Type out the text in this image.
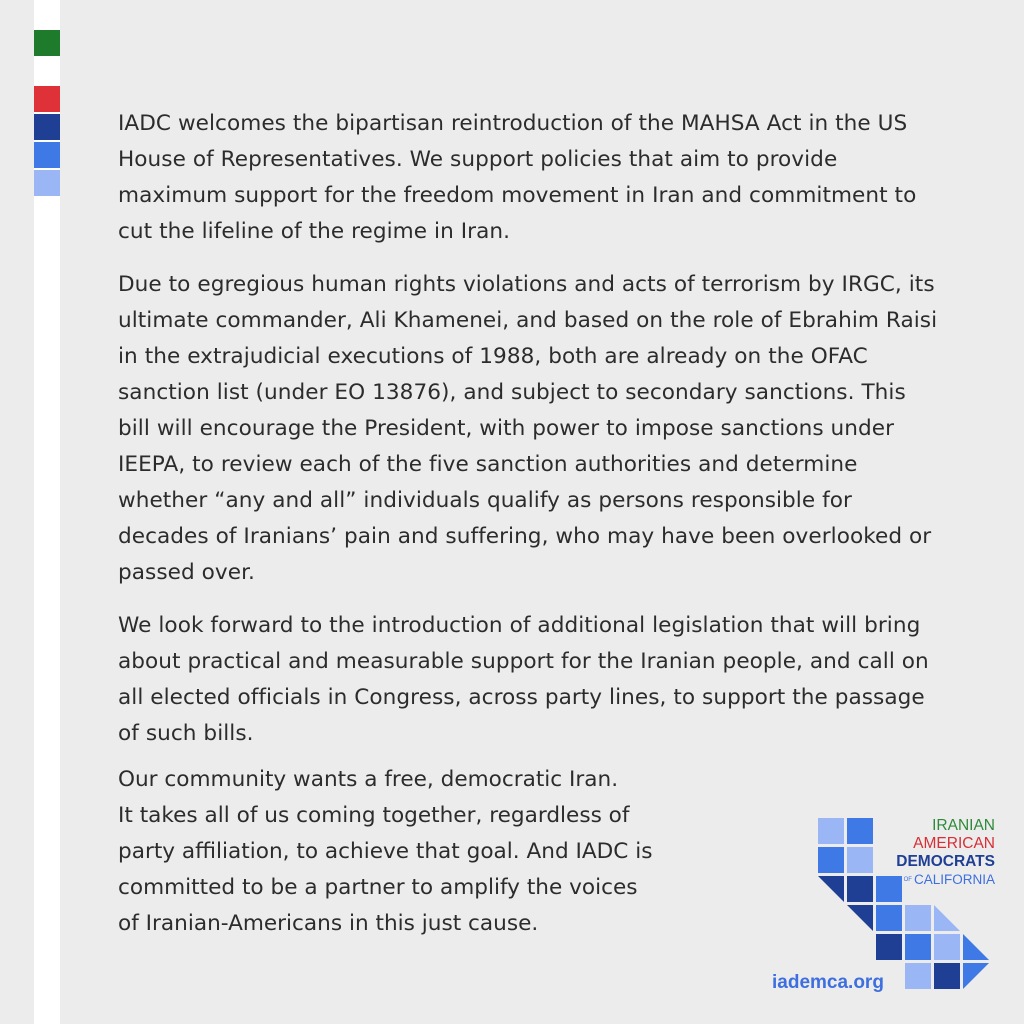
IADC welcomes the bipartisan reintroduction of the MAHSA Act in the US House of Representatives. We support policies that aim to provide maximum support for the freedom movement in Iran and commitment to cut the lifeline of the regime in Iran.

Due to egregious human rights violations and acts of terrorism by IRGC, its ultimate commander, Ali Khamenei, and based on the role of Ebrahim Raisi in the extrajudicial executions of 1988, both are already on the OFAC sanction list (under EO 13876), and subject to secondary sanctions. This bill will encourage the President, with power to impose sanctions under IEEPA, to review each of the five sanction authorities and determine whether “any and all” individuals qualify as persons responsible for decades of Iranians’ pain and suffering, who may have been overlooked or passed over.

We look forward to the introduction of additional legislation that will bring about practical and measurable support for the Iranian people, and call on all elected officials in Congress, across party lines, to support the passage of such bills.

Our community wants a free, democratic Iran.
It takes all of us coming together, regardless of
party affiliation, to achieve that goal. And IADC is
committed to be a partner to amplify the voices
of Iranian-Americans in this just cause.
IRANIAN
AMERICAN
DEMOCRATS
OF CALIFORNIA
iademca.org
